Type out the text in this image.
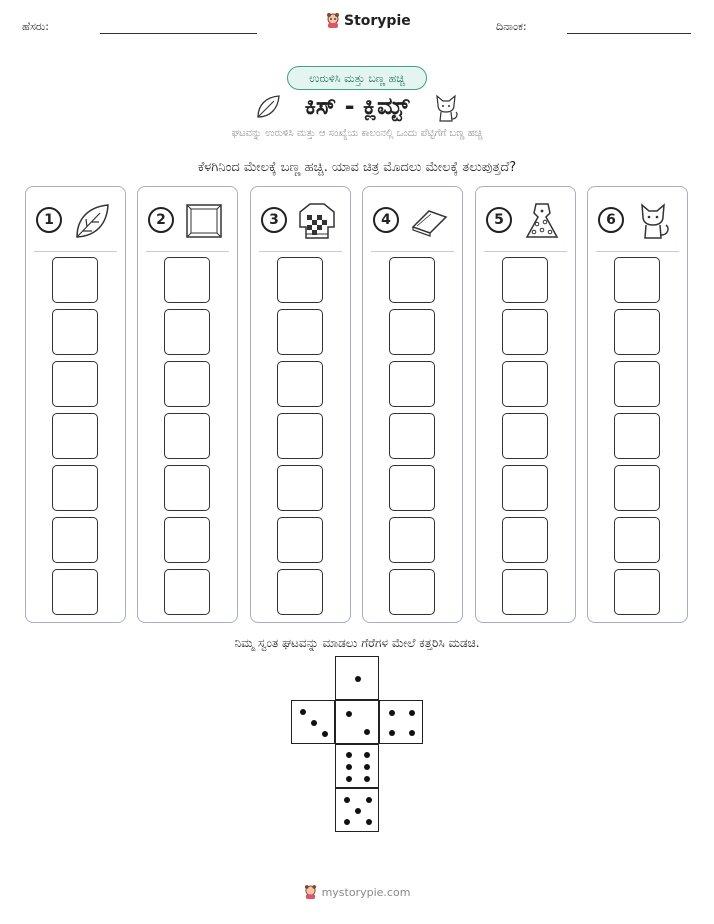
ಹೆಸರು:	Storypie	ದಿನಾಂಕ:
ಉರುಳಿಸಿ ಮತ್ತು ಬಣ್ಣ ಹಚ್ಚಿ
ಕಿಸ್ - ಕ್ಲಿಮ್ಟ್
ಘಟವನ್ನು ಉರುಳಿಸಿ ಮತ್ತು ಆ ಸಂಖ್ಯೆಯ ಕಾಲಂನಲ್ಲಿ ಒಂದು ಪೆಟ್ಟಿಗೆಗೆ ಬಣ್ಣ ಹಚ್ಚಿ
ಕೆಳಗಿನಿಂದ ಮೇಲಕ್ಕೆ ಬಣ್ಣ ಹಚ್ಚಿ. ಯಾವ ಚಿತ್ರ ಮೊದಲು ಮೇಲಕ್ಕೆ ತಲುಪುತ್ತದೆ?
1	2	3	4	5	6
ನಿಮ್ಮ ಸ್ವಂತ ಘಟವನ್ನು ಮಾಡಲು ಗೆರೆಗಳ ಮೇಲೆ ಕತ್ತರಿಸಿ ಮಡಚಿ.
mystorypie.com
